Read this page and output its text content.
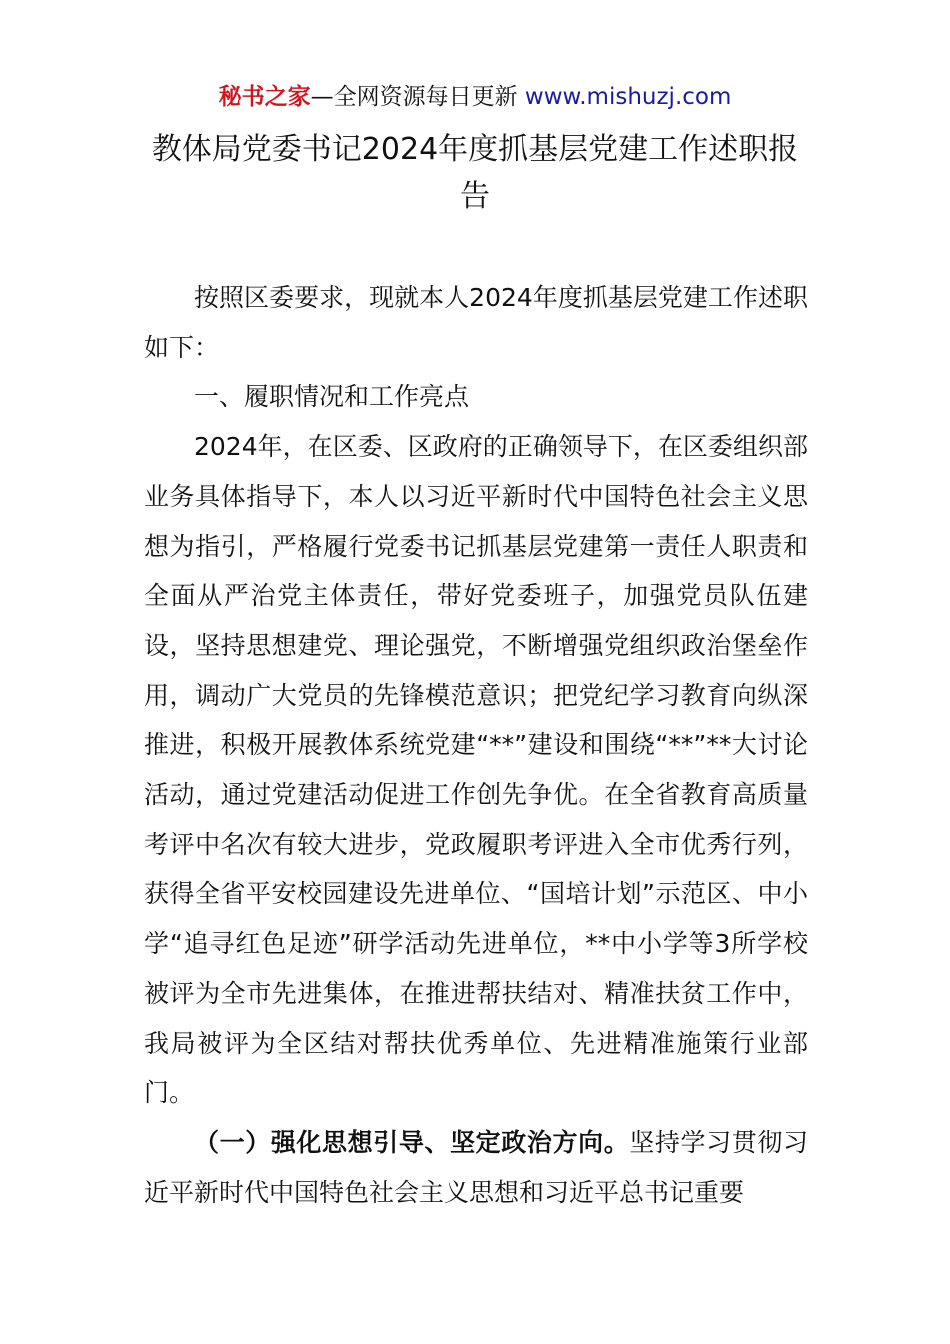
秘书之家—全网资源每日更新 www.mishuzj.com
教体局党委书记2024年度抓基层党建工作述职报告

按照区委要求，现就本人2024年度抓基层党建工作述职如下：

一、履职情况和工作亮点

2024年，在区委、区政府的正确领导下，在区委组织部业务具体指导下，本人以习近平新时代中国特色社会主义思想为指引，严格履行党委书记抓基层党建第一责任人职责和全面从严治党主体责任，带好党委班子，加强党员队伍建设，坚持思想建党、理论强党，不断增强党组织政治堡垒作用，调动广大党员的先锋模范意识；把党纪学习教育向纵深推进，积极开展教体系统党建“**”建设和围绕“**”**大讨论活动，通过党建活动促进工作创先争优。在全省教育高质量考评中名次有较大进步，党政履职考评进入全市优秀行列，获得全省平安校园建设先进单位、“国培计划”示范区、中小学“追寻红色足迹”研学活动先进单位，**中小学等3所学校被评为全市先进集体，在推进帮扶结对、精准扶贫工作中，我局被评为全区结对帮扶优秀单位、先进精准施策行业部门。

（一）强化思想引导、坚定政治方向。坚持学习贯彻习近平新时代中国特色社会主义思想和习近平总书记重要
